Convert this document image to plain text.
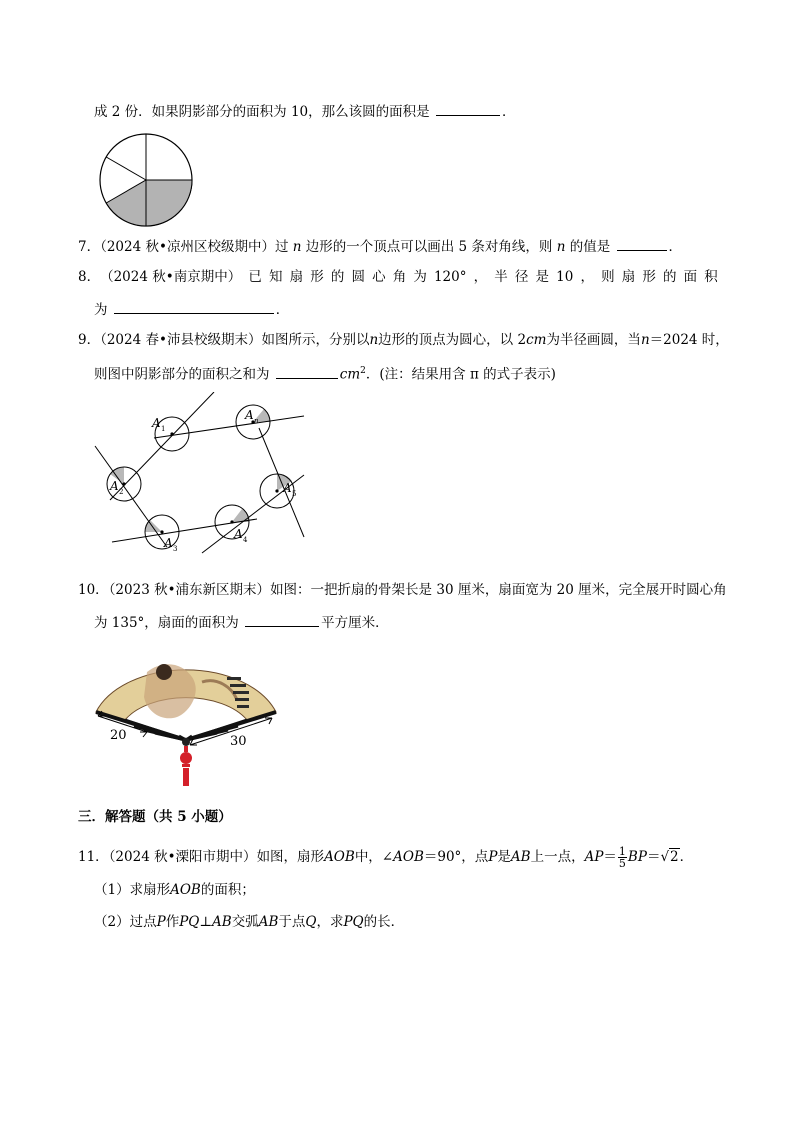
成 2 份．如果阴影部分的面积为 10，那么该圆的面积是	．
7．（2024 秋•凉州区校级期中）过 n 边形的一个顶点可以画出 5 条对角线，则 n 的值是	．
8． （2024 秋•南京期中） 已 知 扇 形 的 圆 心 角 为 120° ， 半 径 是 10 ， 则 扇 形 的 面 积
为	．
9．（2024 春•沛县校级期末）如图所示，分别以n边形的顶点为圆心，以 2cm为半径画圆，当n＝2024 时，
则图中阴影部分的面积之和为	$cm^2$．(注：结果用含 π 的式子表示)
A 1
A n
A 2
A 3
A 4
A 5
10．（2023 秋•浦东新区期末）如图：一把折扇的骨架长是 30 厘米，扇面宽为 20 厘米，完全展开时圆心角
为 135°，扇面的面积为	平方厘米．
20	30
三．解答题（共 5 小题）
11．（2024 秋•溧阳市期中）如图，扇形AOB中，∠AOB＝90°，点P是AB上一点，$AP= \frac{1}{5} BP=√2$．
（1）求扇形AOB的面积；
（2）过点P作PQ⊥AB交弧AB于点Q，求PQ的长．
